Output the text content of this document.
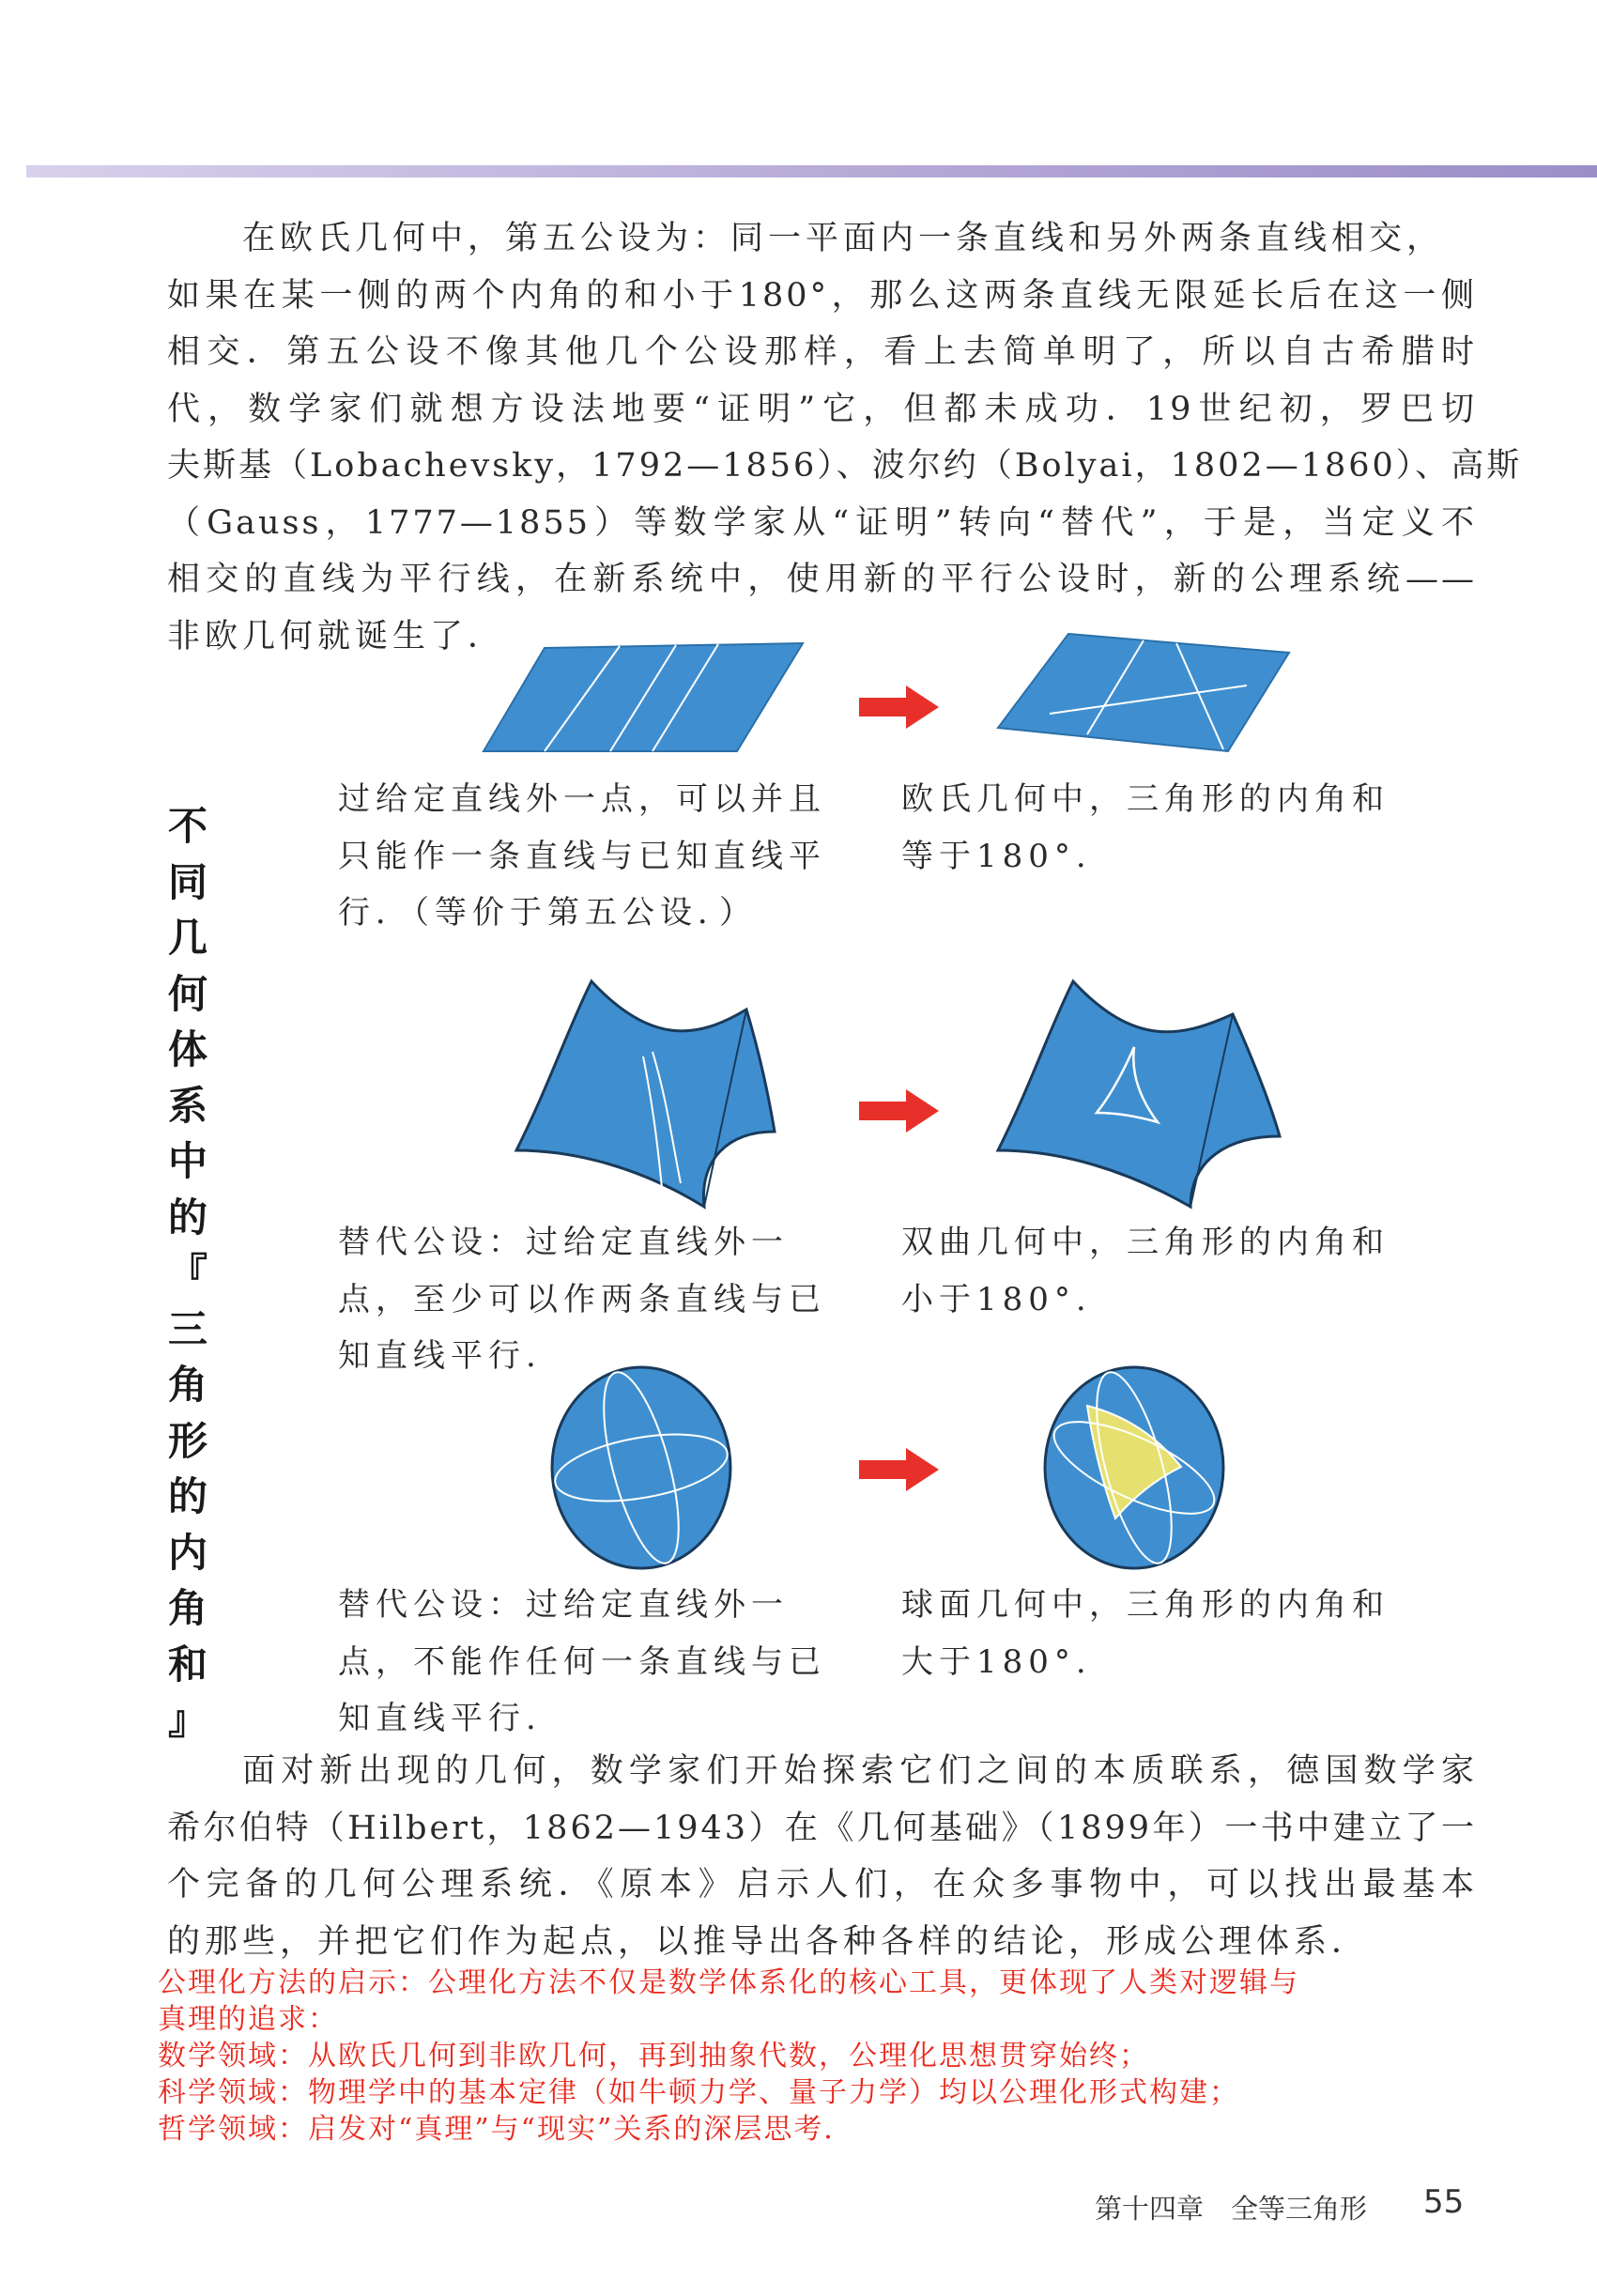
在欧氏几何中，第五公设为：同一平面内一条直线和另外两条直线相交，
如果在某一侧的两个内角的和小于180°，那么这两条直线无限延长后在这一侧
相交．第五公设不像其他几个公设那样，看上去简单明了，所以自古希腊时
代，数学家们就想方设法地要“证明”它，但都未成功．19世纪初，罗巴切
夫斯基（Lobachevsky，1792—1856）、波尔约（Bolyai，1802—1860）、高斯
（Gauss，1777—1855）等数学家从“证明”转向“替代”，于是，当定义不
相交的直线为平行线，在新系统中，使用新的平行公设时，新的公理系统——
非欧几何就诞生了．
不
同
几
何
体
系
中
的
『
三
角
形
的
内
角
和
』
过给定直线外一点，可以并且
只能作一条直线与已知直线平
行．（等价于第五公设．）
欧氏几何中，三角形的内角和
等于180°.
替代公设：过给定直线外一
点，至少可以作两条直线与已
知直线平行.
双曲几何中，三角形的内角和
小于180°.
替代公设：过给定直线外一
点，不能作任何一条直线与已
知直线平行.
球面几何中，三角形的内角和
大于180°.
面对新出现的几何，数学家们开始探索它们之间的本质联系，德国数学家
希尔伯特（Hilbert，1862—1943）在《几何基础》（1899年）一书中建立了一
个完备的几何公理系统．《原本》启示人们，在众多事物中，可以找出最基本
的那些，并把它们作为起点，以推导出各种各样的结论，形成公理体系．
公理化方法的启示：公理化方法不仅是数学体系化的核心工具，更体现了人类对逻辑与
真理的追求：
数学领域：从欧氏几何到非欧几何，再到抽象代数，公理化思想贯穿始终；
科学领域：物理学中的基本定律（如牛顿力学、量子力学）均以公理化形式构建；
哲学领域：启发对“真理”与“现实”关系的深层思考．
第十四章　全等三角形 55
